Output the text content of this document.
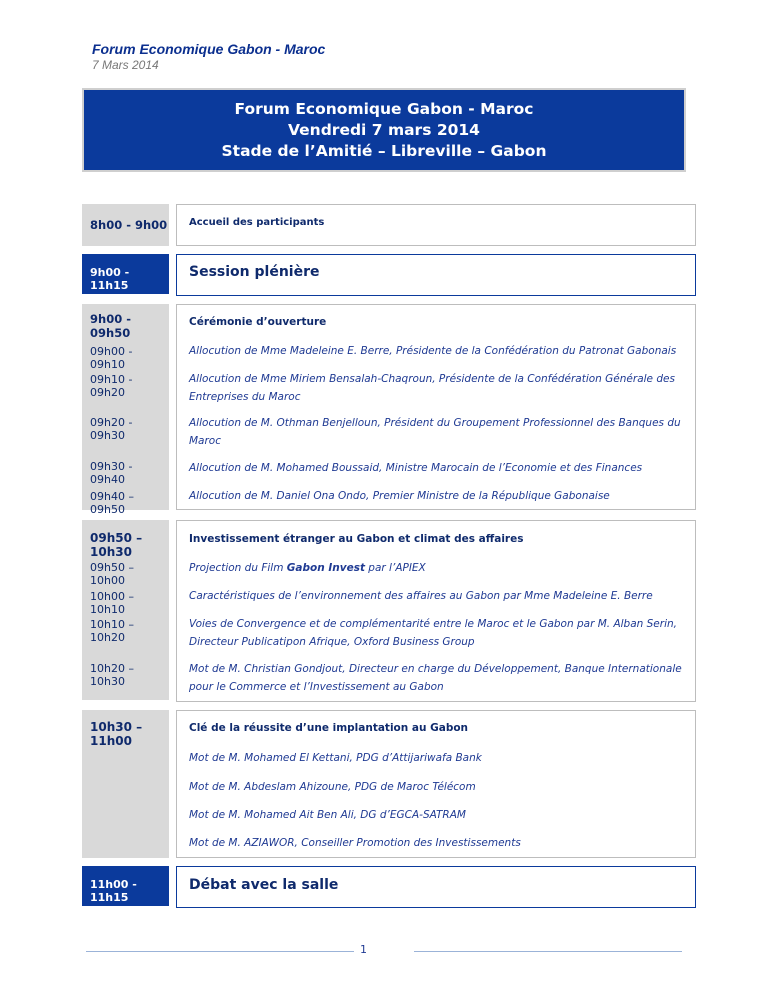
Forum Economique Gabon - Maroc
7 Mars 2014
Forum Economique Gabon - Maroc
Vendredi 7 mars 2014
Stade de l’Amitié – Libreville – Gabon
8h00 - 9h00 Accueil des participants
9h00 - 11h15
Session plénière
9h00 - 09h50
09h00 - 09h10
09h10 - 09h20
09h20 - 09h30
09h30 - 09h40
09h40 – 09h50
Cérémonie d’ouverture
Allocution de Mme Madeleine E. Berre, Présidente de la Confédération du Patronat Gabonais
Allocution de Mme Miriem Bensalah-Chaqroun, Présidente de la Confédération Générale des Entreprises du Maroc
Allocution de M. Othman Benjelloun, Président du Groupement Professionnel des Banques du Maroc
Allocution de M. Mohamed Boussaid, Ministre Marocain de l’Economie et des Finances
Allocution de M. Daniel Ona Ondo, Premier Ministre de la République Gabonaise
09h50 – 10h30
09h50 – 10h00
10h00 – 10h10
10h10 – 10h20
10h20 – 10h30
Investissement étranger au Gabon et climat des affaires
Projection du Film Gabon Invest par l’APIEX
Caractéristiques de l’environnement des affaires au Gabon par Mme Madeleine E. Berre
Voies de Convergence et de complémentarité entre le Maroc et le Gabon par M. Alban Serin, Directeur Publicatipon Afrique, Oxford Business Group
Mot de M. Christian Gondjout, Directeur en charge du Développement, Banque Internationale pour le Commerce et l’Investissement au Gabon
10h30 – 11h00
Clé de la réussite d’une implantation au Gabon
Mot de M. Mohamed El Kettani, PDG d’Attijariwafa Bank
Mot de M. Abdeslam Ahizoune, PDG de Maroc Télécom
Mot de M. Mohamed Ait Ben Ali, DG d’EGCA-SATRAM
Mot de M. AZIAWOR, Conseiller Promotion des Investissements
11h00 - 11h15
Débat avec la salle
1
